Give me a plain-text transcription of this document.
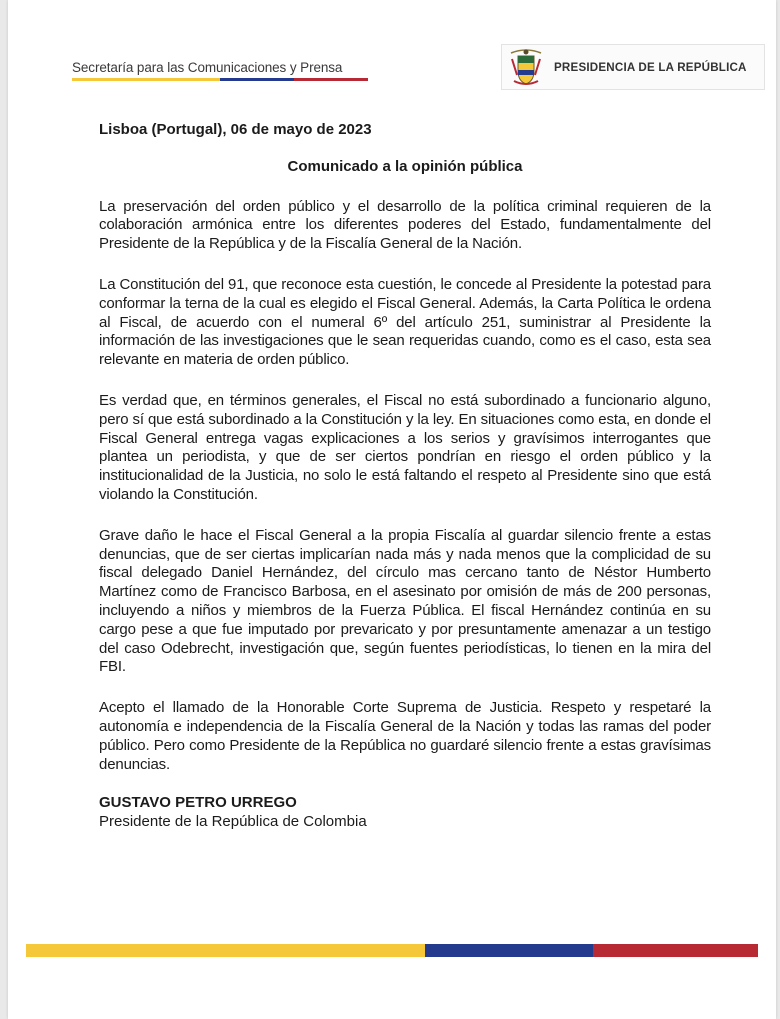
Secretaría para las Comunicaciones y Prensa	PRESIDENCIA DE LA REPÚBLICA

Lisboa (Portugal), 06 de mayo de 2023

Comunicado a la opinión pública

La preservación del orden público y el desarrollo de la política criminal requieren de la colaboración armónica entre los diferentes poderes del Estado, fundamentalmente del Presidente de la República y de la Fiscalía General de la Nación.

La Constitución del 91, que reconoce esta cuestión, le concede al Presidente la potestad para conformar la terna de la cual es elegido el Fiscal General. Además, la Carta Política le ordena al Fiscal, de acuerdo con el numeral 6º del artículo 251, suministrar al Presidente la información de las investigaciones que le sean requeridas cuando, como es el caso, esta sea relevante en materia de orden público.

Es verdad que, en términos generales, el Fiscal no está subordinado a funcionario alguno, pero sí que está subordinado a la Constitución y la ley. En situaciones como esta, en donde el Fiscal General entrega vagas explicaciones a los serios y gravísimos interrogantes que plantea un periodista, y que de ser ciertos pondrían en riesgo el orden público y la institucionalidad de la Justicia, no solo le está faltando el respeto al Presidente sino que está violando la Constitución.

Grave daño le hace el Fiscal General a la propia Fiscalía al guardar silencio frente a estas denuncias, que de ser ciertas implicarían nada más y nada menos que la complicidad de su fiscal delegado Daniel Hernández, del círculo mas cercano tanto de Néstor Humberto Martínez como de Francisco Barbosa, en el asesinato por omisión de más de 200 personas, incluyendo a niños y miembros de la Fuerza Pública. El fiscal Hernández continúa en su cargo pese a que fue imputado por prevaricato y por presuntamente amenazar a un testigo del caso Odebrecht, investigación que, según fuentes periodísticas, lo tienen en la mira del FBI.

Acepto el llamado de la Honorable Corte Suprema de Justicia. Respeto y respetaré la autonomía e independencia de la Fiscalía General de la Nación y todas las ramas del poder público. Pero como Presidente de la República no guardaré silencio frente a estas gravísimas denuncias.

GUSTAVO PETRO URREGO

Presidente de la República de Colombia
